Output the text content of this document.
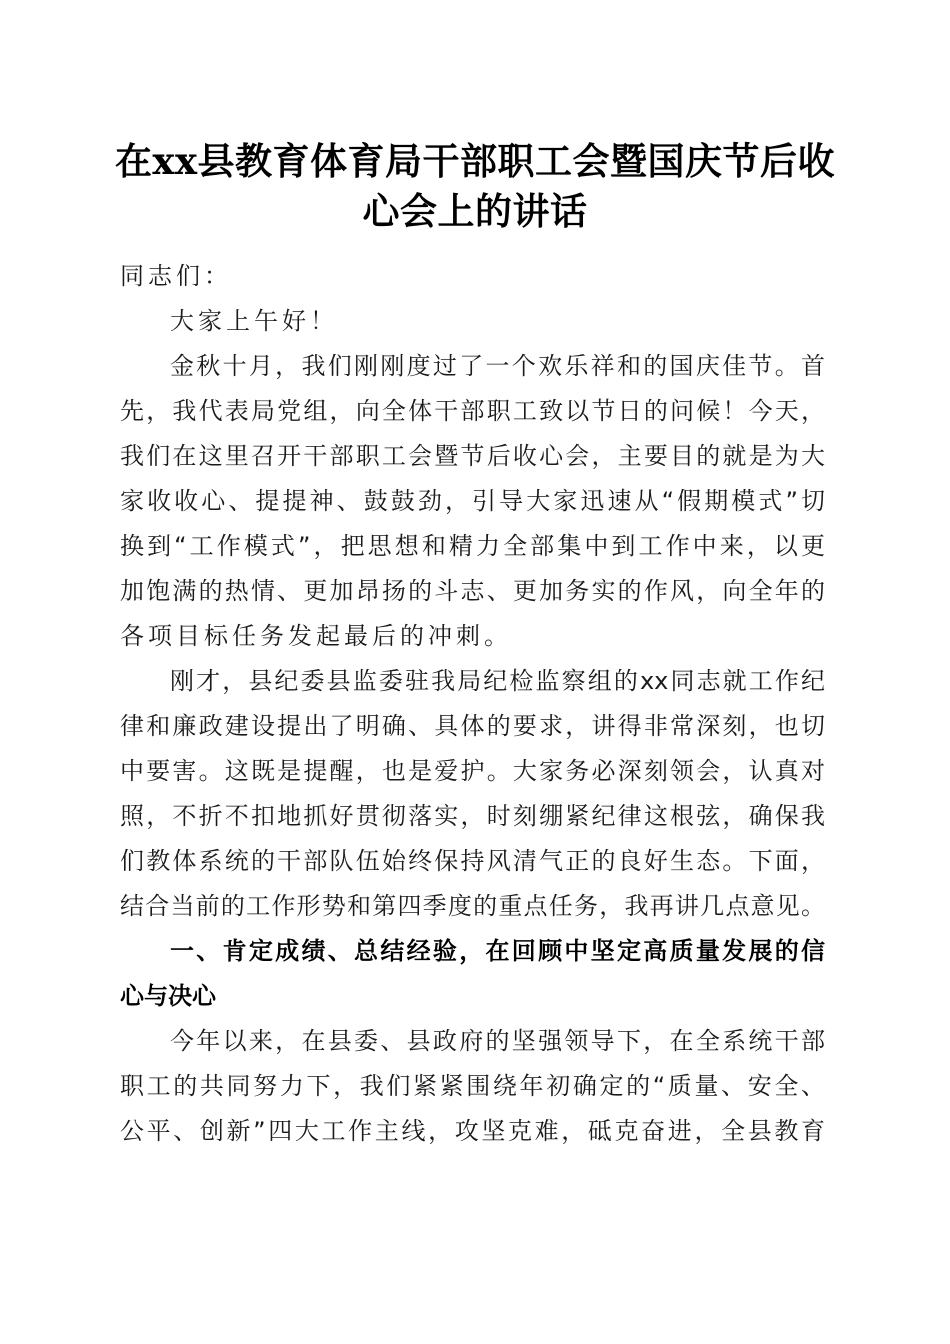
在xx县教育体育局干部职工会暨国庆节后收
心会上的讲话
同志们：
大家上午好！
金秋十月，我们刚刚度过了一个欢乐祥和的国庆佳节。首
先，我代表局党组，向全体干部职工致以节日的问候！今天，
我们在这里召开干部职工会暨节后收心会，主要目的就是为大
家收收心、提提神、鼓鼓劲，引导大家迅速从“假期模式”切
换到“工作模式”，把思想和精力全部集中到工作中来，以更
加饱满的热情、更加昂扬的斗志、更加务实的作风，向全年的
各项目标任务发起最后的冲刺。
刚才，县纪委县监委驻我局纪检监察组的xx同志就工作纪
律和廉政建设提出了明确、具体的要求，讲得非常深刻，也切
中要害。这既是提醒，也是爱护。大家务必深刻领会，认真对
照，不折不扣地抓好贯彻落实，时刻绷紧纪律这根弦，确保我
们教体系统的干部队伍始终保持风清气正的良好生态。下面，
结合当前的工作形势和第四季度的重点任务，我再讲几点意见。
一、肯定成绩、总结经验，在回顾中坚定高质量发展的信
心与决心
今年以来，在县委、县政府的坚强领导下，在全系统干部
职工的共同努力下，我们紧紧围绕年初确定的“质量、安全、
公平、创新”四大工作主线，攻坚克难，砥克奋进，全县教育
